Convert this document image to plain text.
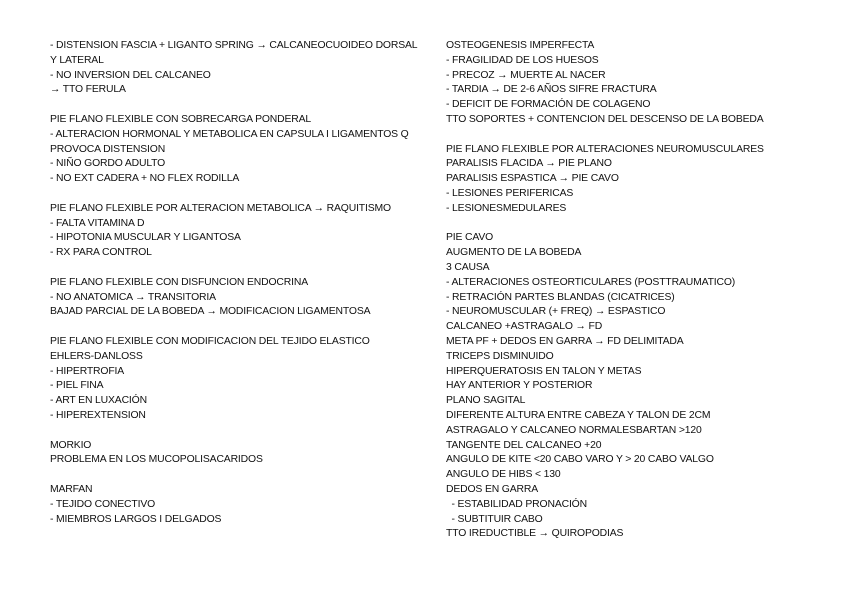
- DISTENSION FASCIA + LIGANTO SPRING → CALCANEOCUOIDEO DORSAL
Y LATERAL
- NO INVERSION DEL CALCANEO
→ TTO FERULA
PIE FLANO FLEXIBLE CON SOBRECARGA PONDERAL
- ALTERACION HORMONAL Y METABOLICA EN CAPSULA I LIGAMENTOS Q
PROVOCA DISTENSION
- NIÑO GORDO ADULTO
- NO EXT CADERA + NO FLEX RODILLA
PIE FLANO FLEXIBLE POR ALTERACION METABOLICA → RAQUITISMO
- FALTA VITAMINA D
- HIPOTONIA MUSCULAR Y LIGANTOSA
- RX PARA CONTROL
PIE FLANO FLEXIBLE CON DISFUNCION ENDOCRINA
- NO ANATOMICA → TRANSITORIA
BAJAD PARCIAL DE LA BOBEDA → MODIFICACION LIGAMENTOSA
PIE FLANO FLEXIBLE CON MODIFICACION DEL TEJIDO ELASTICO
EHLERS-DANLOSS
- HIPERTROFIA
- PIEL FINA
- ART EN LUXACIÓN
- HIPEREXTENSION
MORKIO
PROBLEMA EN LOS MUCOPOLISACARIDOS
MARFAN
- TEJIDO CONECTIVO
- MIEMBROS LARGOS I DELGADOS
OSTEOGENESIS IMPERFECTA
- FRAGILIDAD DE LOS HUESOS
- PRECOZ → MUERTE AL NACER
- TARDIA → DE 2-6 AÑOS SIFRE FRACTURA
- DEFICIT DE FORMACIÓN DE COLAGENO
TTO SOPORTES + CONTENCION DEL DESCENSO DE LA BOBEDA
PIE FLANO FLEXIBLE POR ALTERACIONES NEUROMUSCULARES
PARALISIS FLACIDA → PIE PLANO
PARALISIS ESPASTICA → PIE CAVO
- LESIONES PERIFERICAS
- LESIONESMEDULARES
PIE CAVO
AUGMENTO DE LA BOBEDA
3 CAUSA
- ALTERACIONES OSTEORTICULARES (POSTTRAUMATICO)
- RETRACIÓN PARTES BLANDAS (CICATRICES)
- NEUROMUSCULAR (+ FREQ) → ESPASTICO
CALCANEO +ASTRAGALO → FD
META PF + DEDOS EN GARRA → FD DELIMITADA
TRICEPS DISMINUIDO
HIPERQUERATOSIS EN TALON Y METAS
HAY ANTERIOR Y POSTERIOR
PLANO SAGITAL
DIFERENTE ALTURA ENTRE CABEZA Y TALON DE 2CM
ASTRAGALO Y CALCANEO NORMALESBARTAN >120
TANGENTE DEL CALCANEO +20
ANGULO DE KITE <20 CABO VARO Y > 20 CABO VALGO
ANGULO DE HIBS < 130
DEDOS EN GARRA
- ESTABILIDAD PRONACIÓN
- SUBTITUIR CABO
TTO IREDUCTIBLE → QUIROPODIAS
